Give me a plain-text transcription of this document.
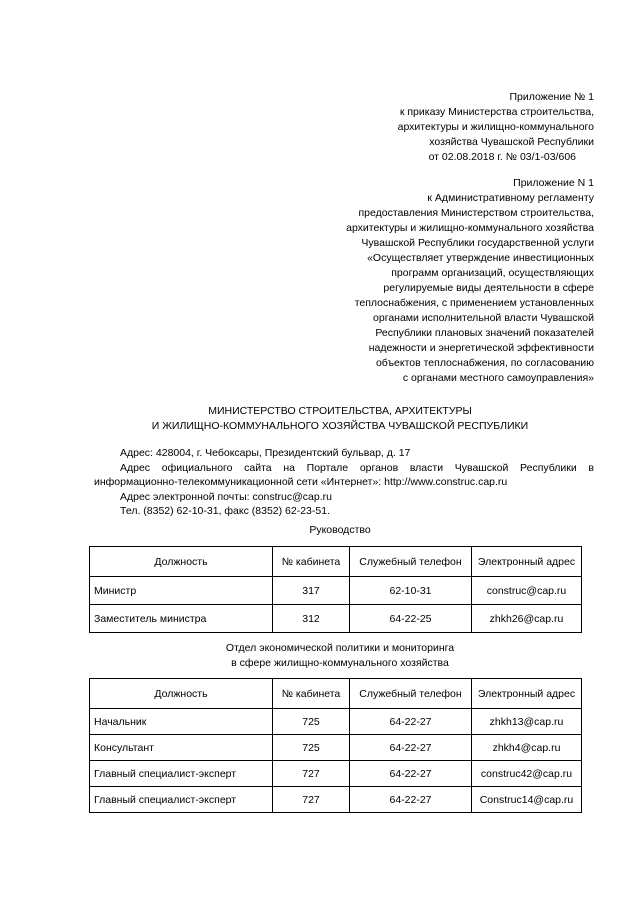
Приложение № 1
к приказу Министерства строительства,
архитектуры и жилищно-коммунального
хозяйства Чувашской Республики
от 02.08.2018 г. № 03/1-03/606
Приложение N 1
к Административному регламенту
предоставления Министерством строительства,
архитектуры и жилищно-коммунального хозяйства
Чувашской Республики государственной услуги
«Осуществляет утверждение инвестиционных
программ организаций, осуществляющих
регулируемые виды деятельности в сфере
теплоснабжения, с применением установленных
органами исполнительной власти Чувашской
Республики плановых значений показателей
надежности и энергетической эффективности
объектов теплоснабжения, по согласованию
с органами местного самоуправления»
МИНИСТЕРСТВО СТРОИТЕЛЬСТВА, АРХИТЕКТУРЫ
И ЖИЛИЩНО-КОММУНАЛЬНОГО ХОЗЯЙСТВА ЧУВАШСКОЙ РЕСПУБЛИКИ
Адрес: 428004, г. Чебоксары, Президентский бульвар, д. 17
Адрес официального сайта на Портале органов власти Чувашской Республики в информационно-телекоммуникационной сети «Интернет»: http://www.construc.cap.ru
Адрес электронной почты: construc@cap.ru
Тел. (8352) 62-10-31, факс (8352) 62-23-51.
Руководство
Должность	№ кабинета	Служебный телефон	Электронный адрес
Министр	317	62-10-31	construc@cap.ru
Заместитель министра	312	64-22-25	zhkh26@cap.ru
Отдел экономической политики и мониторинга
в сфере жилищно-коммунального хозяйства
Должность	№ кабинета	Служебный телефон	Электронный адрес
Начальник	725	64-22-27	zhkh13@cap.ru
Консультант	725	64-22-27	zhkh4@cap.ru
Главный специалист-эксперт	727	64-22-27	construc42@cap.ru
Главный специалист-эксперт	727	64-22-27	Construc14@cap.ru
